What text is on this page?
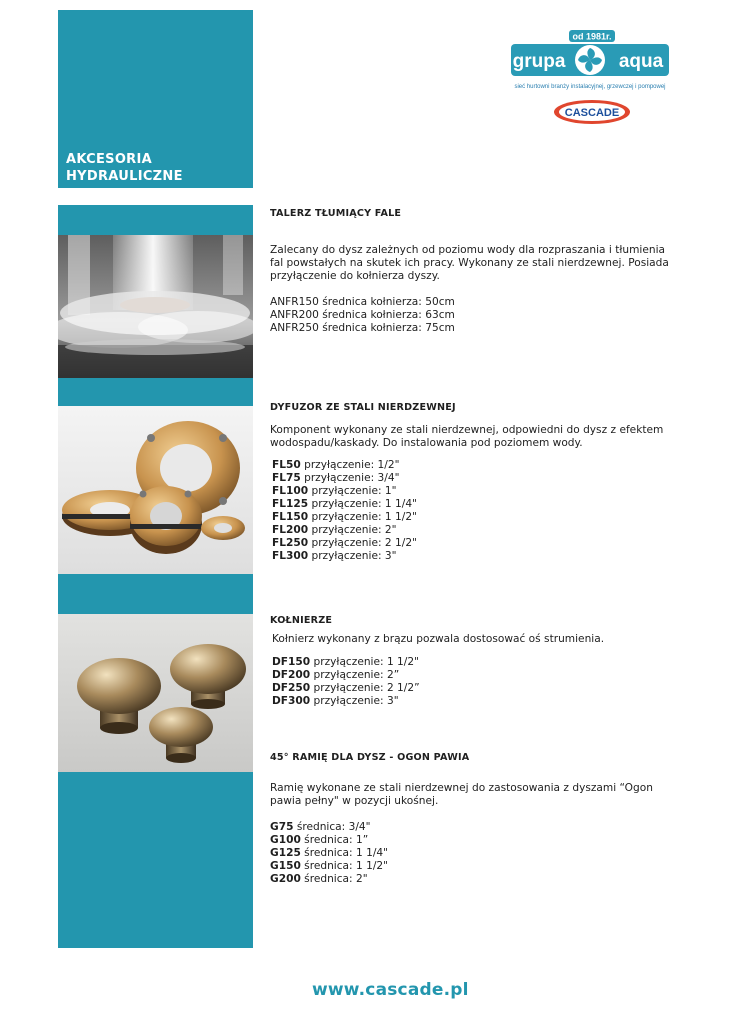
AKCESORIA HYDRAULICZNE
od 1981r.
grupa	aqua
sieć hurtowni branży instalacyjnej, grzewczej i pompowej
CASCADE
TALERZ TŁUMIĄCY FALE

Zalecany do dysz zależnych od poziomu wody dla rozpraszania i tłumienia fal powstałych na skutek ich pracy. Wykonany ze stali nierdzewnej. Posiada przyłączenie do kołnierza dyszy.

ANFR150 średnica kołnierza: 50cm

ANFR200 średnica kołnierza: 63cm

ANFR250 średnica kołnierza: 75cm

DYFUZOR ZE STALI NIERDZEWNEJ

Komponent wykonany ze stali nierdzewnej, odpowiedni do dysz z efektem wodospadu/kaskady. Do instalowania pod poziomem wody.

FL50 przyłączenie: 1/2"

FL75 przyłączenie: 3/4"

FL100 przyłączenie: 1"

FL125 przyłączenie: 1 1/4"

FL150 przyłączenie: 1 1/2"

FL200 przyłączenie: 2"

FL250 przyłączenie: 2 1/2"

FL300 przyłączenie: 3"

KOŁNIERZE

Kołnierz wykonany z brązu pozwala dostosować oś strumienia.

DF150 przyłączenie: 1 1/2"

DF200 przyłączenie: 2”

DF250 przyłączenie: 2 1/2”

DF300 przyłączenie: 3"

45° RAMIĘ DLA DYSZ - OGON PAWIA

Ramię wykonane ze stali nierdzewnej do zastosowania z dyszami “Ogon pawia pełny" w pozycji ukośnej.

G75 średnica: 3/4"

G100 średnica: 1”

G125 średnica: 1 1/4"

G150 średnica: 1 1/2"

G200 średnica: 2"

www.cascade.pl
